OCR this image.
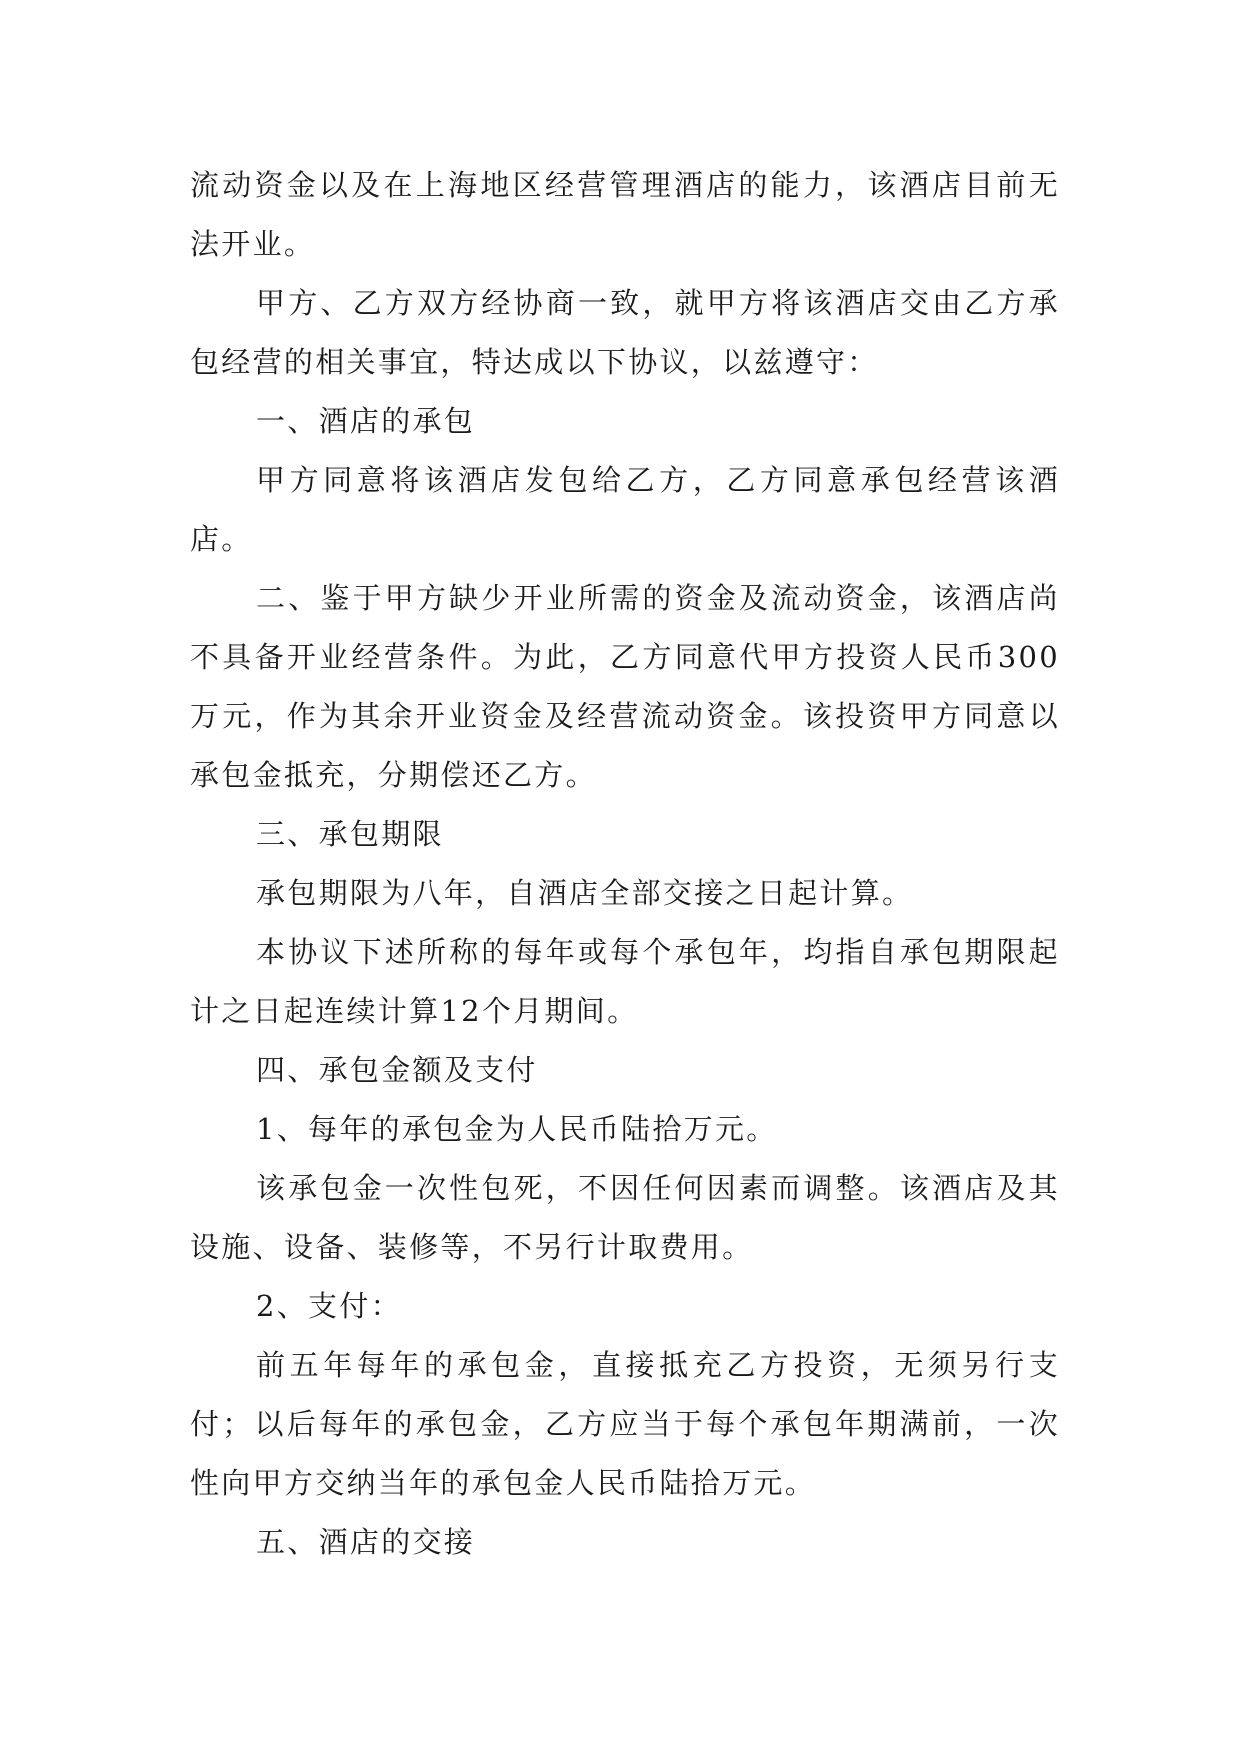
流动资金以及在上海地区经营管理酒店的能力，该酒店目前无法开业。

甲方、乙方双方经协商一致，就甲方将该酒店交由乙方承包经营的相关事宜，特达成以下协议，以兹遵守：

一、酒店的承包

甲方同意将该酒店发包给乙方，乙方同意承包经营该酒店。

二、鉴于甲方缺少开业所需的资金及流动资金，该酒店尚不具备开业经营条件。为此，乙方同意代甲方投资人民币300万元，作为其余开业资金及经营流动资金。该投资甲方同意以承包金抵充，分期偿还乙方。

三、承包期限

承包期限为八年，自酒店全部交接之日起计算。

本协议下述所称的每年或每个承包年，均指自承包期限起计之日起连续计算12个月期间。

四、承包金额及支付

1、每年的承包金为人民币陆拾万元。

该承包金一次性包死，不因任何因素而调整。该酒店及其设施、设备、装修等，不另行计取费用。

2、支付：

前五年每年的承包金，直接抵充乙方投资，无须另行支付；以后每年的承包金，乙方应当于每个承包年期满前，一次性向甲方交纳当年的承包金人民币陆拾万元。

五、酒店的交接
